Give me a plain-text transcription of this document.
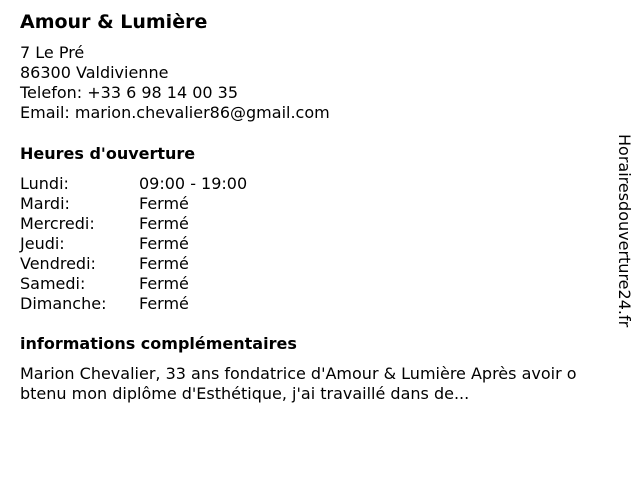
Amour & Lumière
7 Le Pré
86300 Valdivienne
Telefon: +33 6 98 14 00 35
Email: marion.chevalier86@gmail.com
Heures d'ouverture
Lundi:	09:00 - 19:00
Mardi:	Fermé
Mercredi:	Fermé
Jeudi:	Fermé
Vendredi:	Fermé
Samedi:	Fermé
Dimanche: Fermé
informations complémentaires
Marion Chevalier, 33 ans fondatrice d'Amour & Lumière Après avoir obtenu mon diplôme d'Esthétique, j'ai travaillé dans de...
Horairesdouverture24.fr
